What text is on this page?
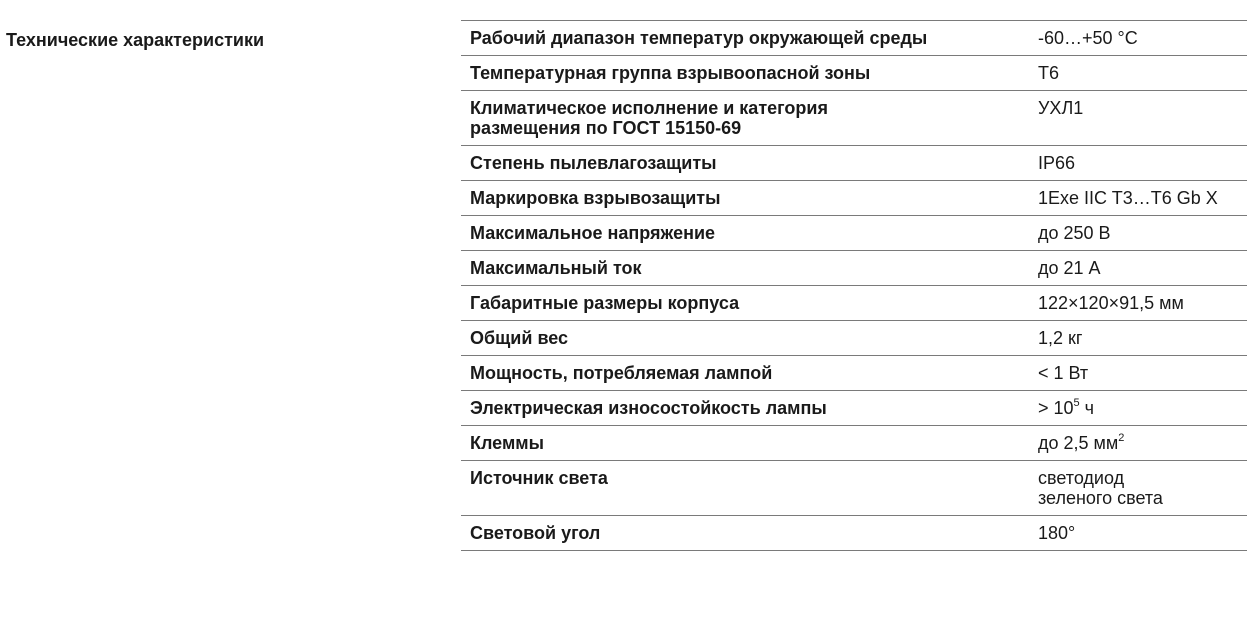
Технические характеристики	Рабочий диапазон температур окружающей среды	-60…+50 °С
Температурная группа взрывоопасной зоны	Т6
Климатическое исполнение и категория размещения по ГОСТ 15150-69	УХЛ1
Степень пылевлагозащиты	IP66
Маркировка взрывозащиты	1Exe IIC T3…T6 Gb X
Максимальное напряжение	до 250 В
Максимальный ток	до 21 А
Габаритные размеры корпуса	122×120×91,5 мм
Общий вес	1,2 кг
Мощность, потребляемая лампой	< 1 Вт
Электрическая износостойкость лампы	> $10^5$ ч
Клеммы	до 2,5 $мм^2$
Источник света	светодиод зеленого света
Световой угол	180°
